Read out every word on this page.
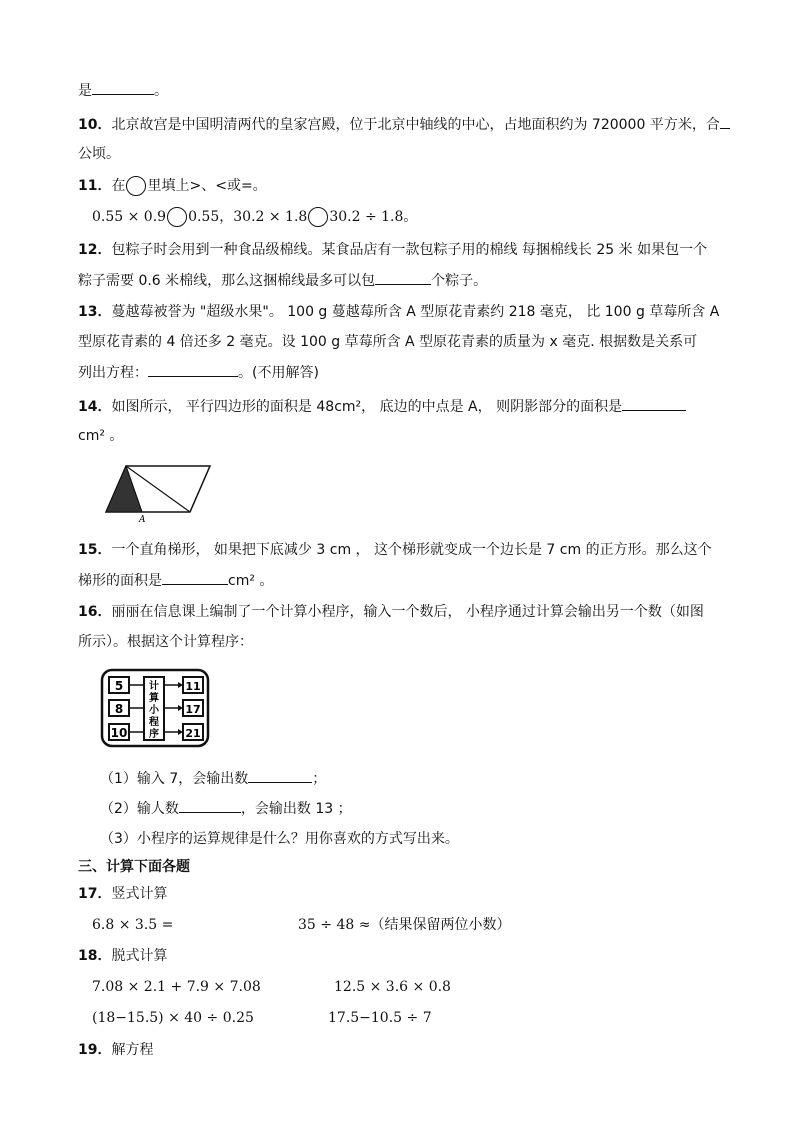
是	。
10．北京故宫是中国明清两代的皇家宫殿，位于北京中轴线的中心，占地面积约为 720000 平方米，合
公顷。
11．在 里填上>、<或=。
0.55 × 0.9 0.55，30.2 × 1.8 30.2 ÷ 1.8。
12．包粽子时会用到一种食品级棉线。某食品店有一款包粽子用的棉线 每捆棉线长 25 米 如果包一个
粽子需要 0.6 米棉线，那么这捆棉线最多可以包	个粽子。
13．蔓越莓被誉为 "超级水果"。 100 g 蔓越莓所含 A 型原花青素约 218 毫克， 比 100 g 草莓所含 A
型原花青素的 4 倍还多 2 毫克。设 100 g 草莓所含 A 型原花青素的质量为 x 毫克. 根据数是关系可
列出方程：	。(不用解答)
14．如图所示， 平行四边形的面积是 48cm²， 底边的中点是 A， 则阴影部分的面积是
cm² 。
A
15．一个直角梯形， 如果把下底减少 3 cm ， 这个梯形就变成一个边长是 7 cm 的正方形。那么这个
梯形的面积是	cm² 。
16．丽丽在信息课上编制了一个计算小程序，输入一个数后， 小程序通过计算会输出另一个数（如图
所示）。根据这个计算程序：
5
8
10
计
算
小
程
序
11
17
21
（1）输入 7，会输出数	；
（2）输人数	，会输出数 13 ；
（3）小程序的运算规律是什么？用你喜欢的方式写出来。
三、计算下面各题
17．竖式计算
6.8 × 3.5 =	35 ÷ 48 ≈（结果保留两位小数）
18．脱式计算
7.08 × 2.1 + 7.9 × 7.08	12.5 × 3.6 × 0.8
(18−15.5) × 40 ÷ 0.25	17.5−10.5 ÷ 7
19．解方程
